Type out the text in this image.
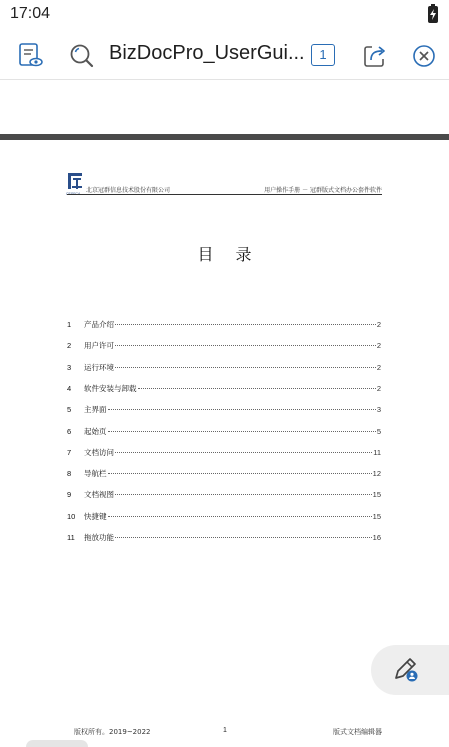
17:04
BizDocPro_UserGui...	1
北京冠群信息技术股份有限公司	用户操作手册 － 冠群版式文档办公套件软件
目录
1	产品介绍	2
2	用户许可	2
3	运行环境	2
4	软件安装与卸载	2
5	主界面	3
6	起始页	5
7	文档访问	11
8	导航栏	12
9	文档视图	15
10	快捷键	15
11	拖放功能	16
版权所有。2019~2022	1	版式文档编辑器
